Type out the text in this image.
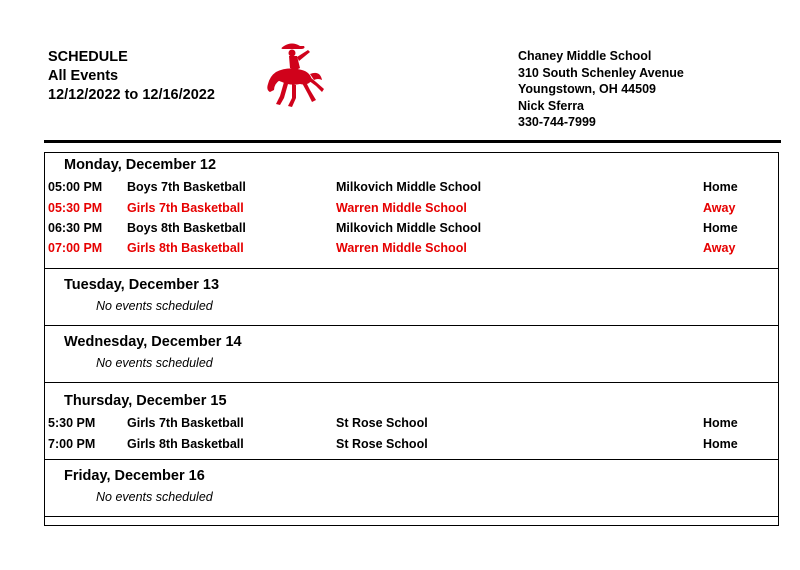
SCHEDULE
All Events
12/12/2022 to 12/16/2022
Chaney Middle School
310 South Schenley Avenue
Youngstown, OH 44509
Nick Sferra
330-744-7999
Monday, December 12
05:00 PM Boys 7th Basketball	Milkovich Middle School	Home
05:30 PM Girls 7th Basketball	Warren Middle School	Away
06:30 PM Boys 8th Basketball	Milkovich Middle School	Home
07:00 PM Girls 8th Basketball	Warren Middle School	Away
Tuesday, December 13
No events scheduled
Wednesday, December 14
No events scheduled
Thursday, December 15
5:30 PM	Girls 7th Basketball	St Rose School	Home
7:00 PM	Girls 8th Basketball	St Rose School	Home
Friday, December 16
No events scheduled
